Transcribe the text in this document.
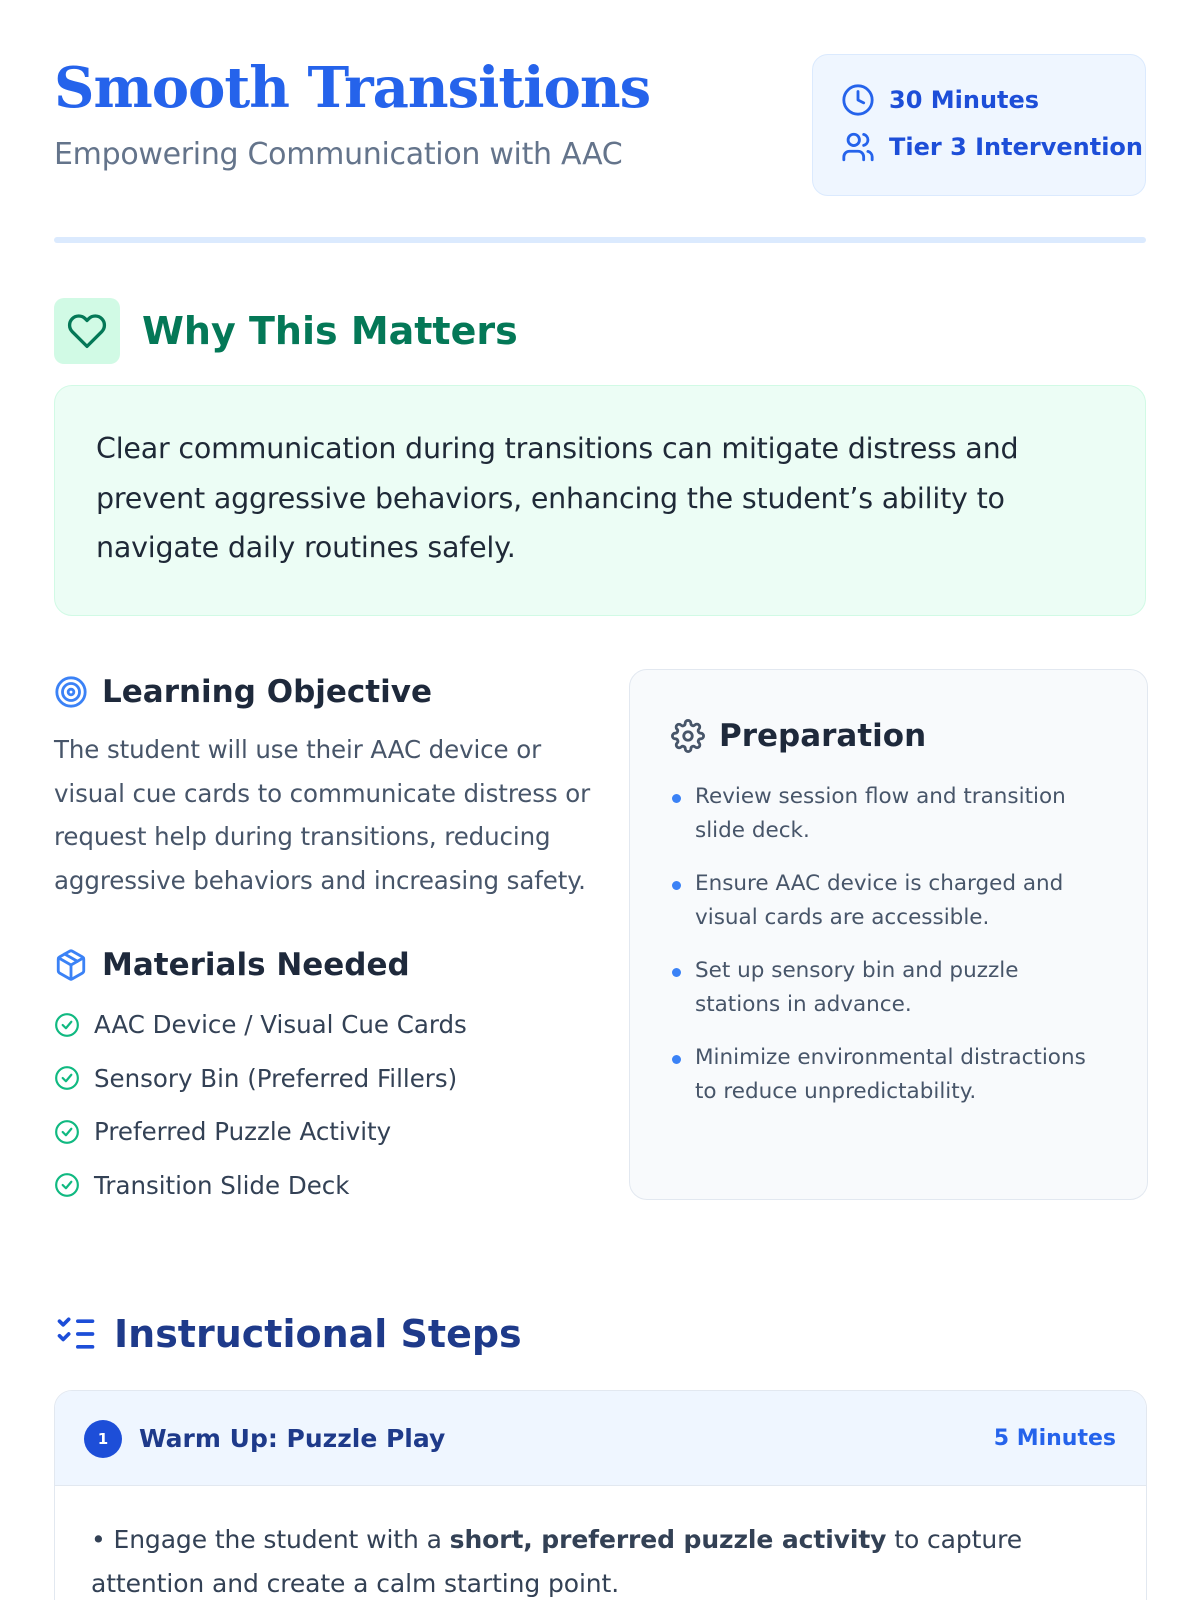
Smooth Transitions
Empowering Communication with AAC
30 Minutes
Tier 3 Intervention
Why This Matters

Clear communication during transitions can mitigate distress and prevent aggressive behaviors, enhancing the student’s ability to navigate daily routines safely.

Learning Objective

The student will use their AAC device or visual cue cards to communicate distress or request help during transitions, reducing aggressive behaviors and increasing safety.

Materials Needed
AAC Device / Visual Cue Cards
Sensory Bin (Preferred Fillers)
Preferred Puzzle Activity
Transition Slide Deck
Preparation
Review session flow and transition slide deck.
Ensure AAC device is charged and visual cards are accessible.
Set up sensory bin and puzzle stations in advance.
Minimize environmental distractions to reduce unpredictability.
Instructional Steps
1	Warm Up: Puzzle Play	5 Minutes

• Engage the student with a short, preferred puzzle activity to capture attention and create a calm starting point.
